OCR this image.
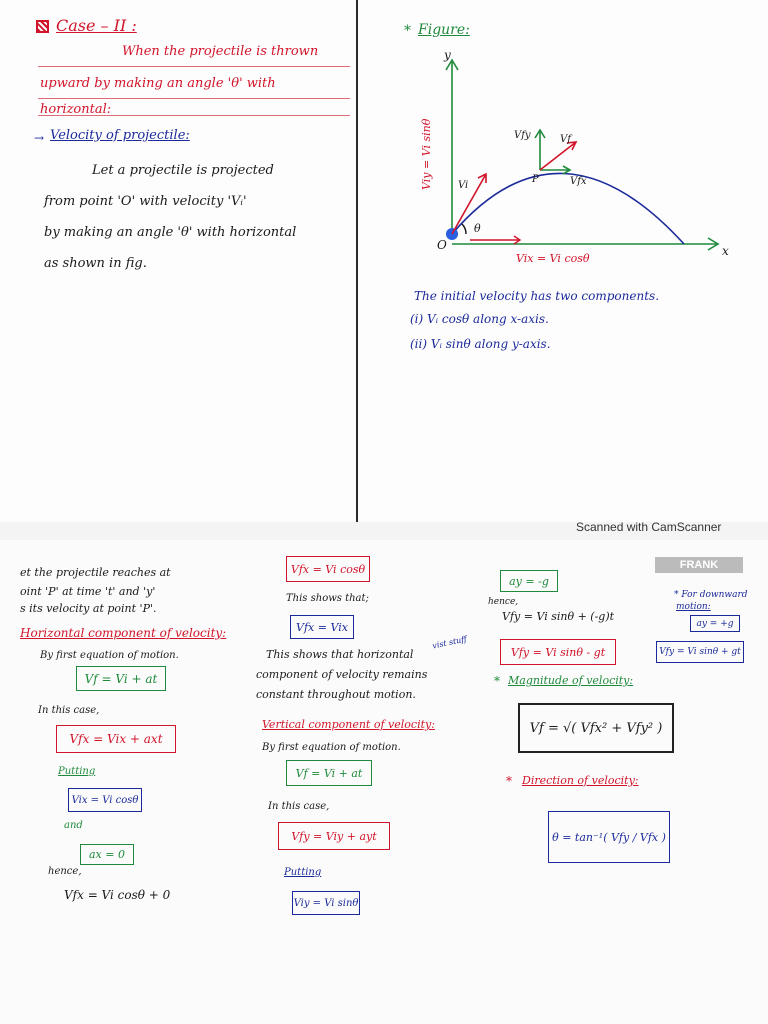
Case – II :
When the projectile is thrown
upward by making an angle 'θ' with
horizontal:
→ Velocity of projectile:
Let a projectile is projected
from point 'O' with velocity 'Vᵢ'
by making an angle 'θ' with horizontal
as shown in fig.
* Figure:
y
x
O
θ
P
Vfy	Vf
Vfx
Vi
Viy = Vi sinθ
Vix = Vi cosθ
The initial velocity has two components.
(i) Vᵢ cosθ along x-axis.
(ii) Vᵢ sinθ along y-axis.
Scanned with CamScanner
et the projectile reaches at
oint 'P' at time 't' and 'y'
s its velocity at point 'P'.
Horizontal component of velocity:
By first equation of motion.
Vf = Vi + at
In this case,
Vfx = Vix + axt
Putting
Vix = Vi cosθ
and
ax = 0
hence,
Vfx = Vi cosθ + 0
Vfx = Vi cosθ
This shows that;
Vfx = Vix
This shows that horizontal
vist stuff
component of velocity remains
constant throughout motion.
Vertical component of velocity:
By first equation of motion.
Vf = Vi + at
In this case,
Vfy = Viy + ayt
Putting
Viy = Vi sinθ
ay = -g
hence,
Vfy = Vi sinθ + (-g)t
Vfy = Vi sinθ - gt
* For downward
motion:
ay = +g
Vfy = Vi sinθ + gt
* Magnitude of velocity:
Vf = √( Vfx² + Vfy² )
* Direction of velocity:
θ = tan⁻¹( Vfy / Vfx )
FRANK
